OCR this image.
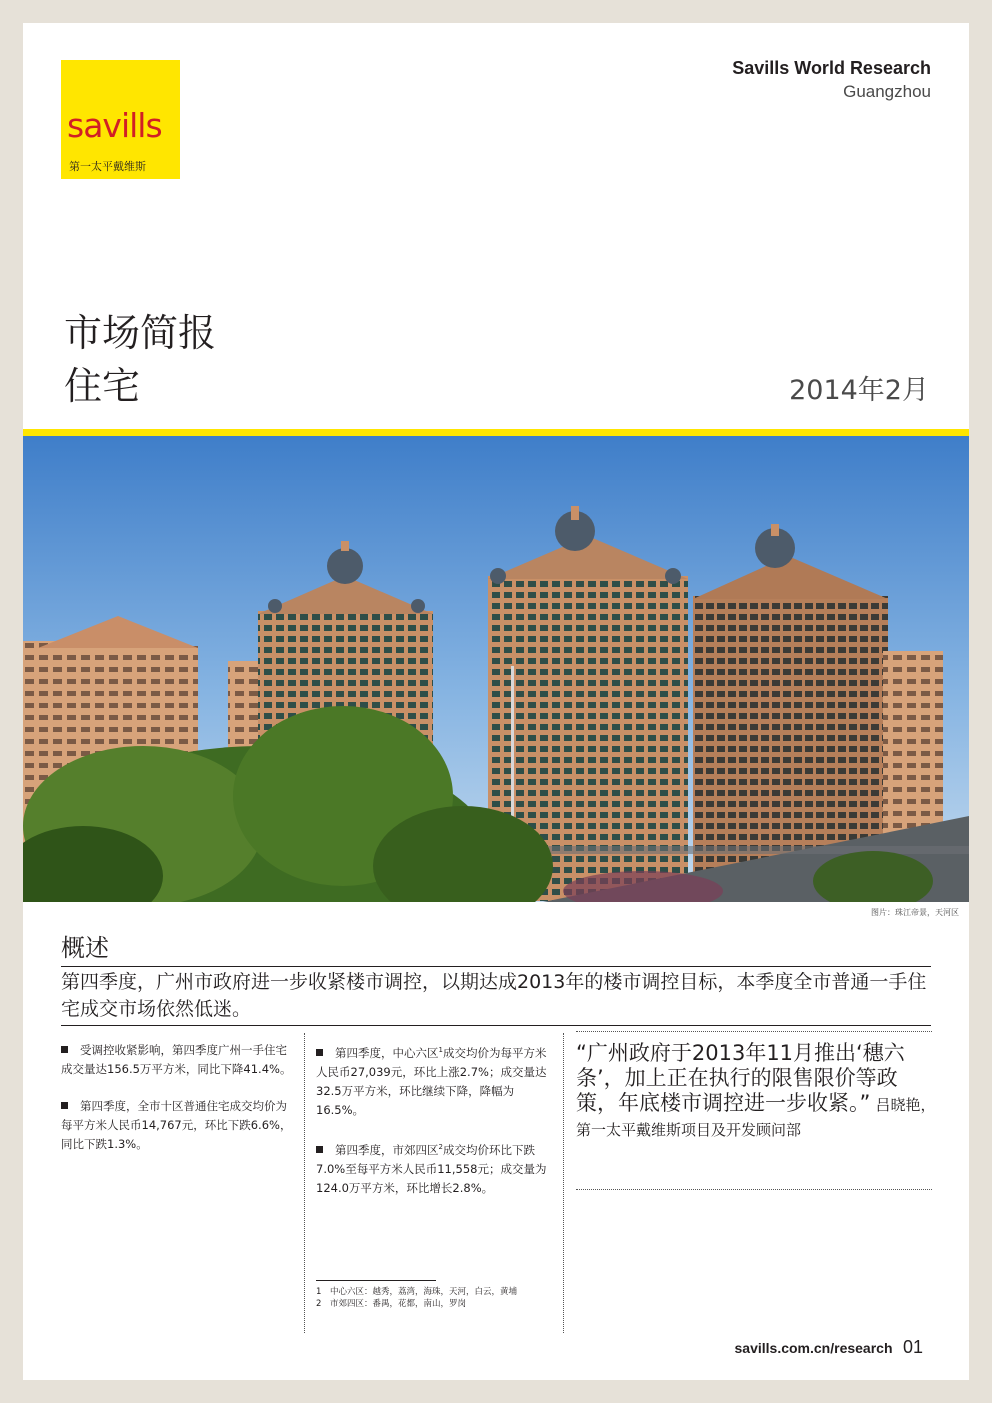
savills
第一太平戴维斯
Savills World Research
Guangzhou
市场简报
住宅	2014年2月
图片：珠江帝景，天河区
概述
第四季度，广州市政府进一步收紧楼市调控，以期达成2013年的楼市调控目标，本季度全市普通一手住宅成交市场依然低迷。
受调控收紧影响，第四季度广州一手住宅成交量达156.5万平方米，同比下降41.4%。
第四季度，全市十区普通住宅成交均价为每平方米人民币14,767元，环比下跌6.6%，同比下跌1.3%。
第四季度，中心六区$^1$成交均价为每平方米人民币27,039元，环比上涨2.7%；成交量达32.5万平方米，环比继续下降，降幅为16.5%。
第四季度，市郊四区$^2$成交均价环比下跌7.0%至每平方米人民币11,558元；成交量为124.0万平方米，环比增长2.8%。
“广州政府于2013年11月推出‘穗六条’，加上正在执行的限售限价等政策，年底楼市调控进一步收紧。” 吕晓艳，第一太平戴维斯项目及开发顾问部
1 中心六区：越秀，荔湾，海珠，天河，白云，黄埔
2 市郊四区：番禺，花都，南山，罗岗
savills.com.cn/research 01
